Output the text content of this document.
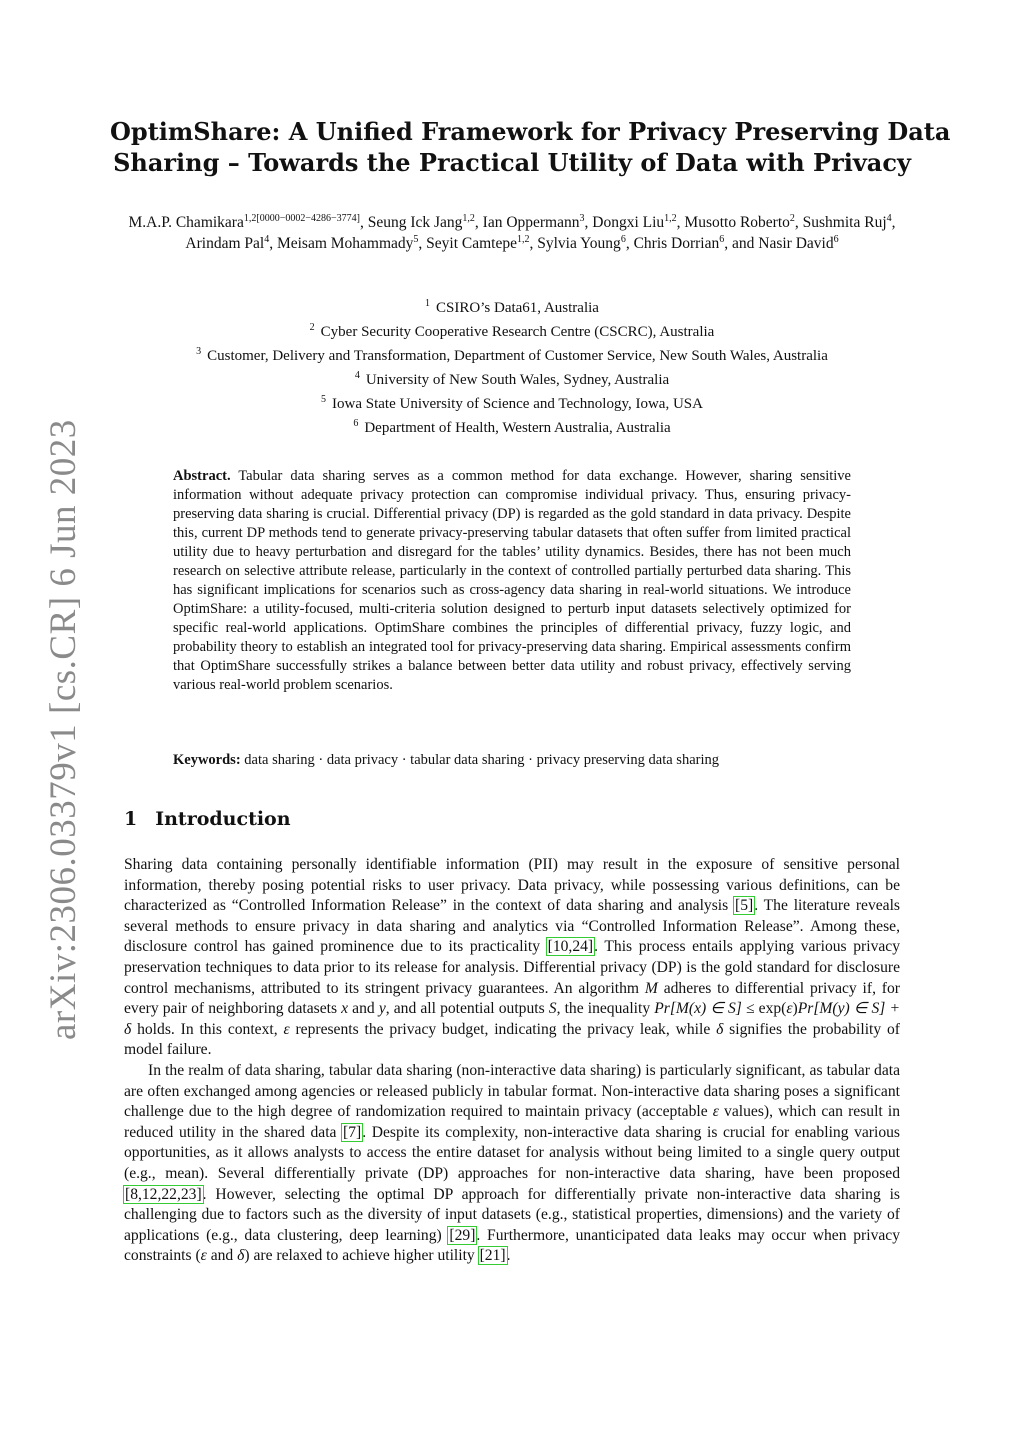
arXiv:2306.03379v1 [cs.CR] 6 Jun 2023
OptimShare: A Unified Framework for Privacy Preserving Data
Sharing – Towards the Practical Utility of Data with Privacy
M.A.P. Chamikara$^{1,2[0000-0002-4286-3774]}$, Seung Ick Jang$^{1,2}$, Ian Oppermann$^3$, Dongxi Liu$^{1,2}$, Musotto Roberto$^2$, Sushmita Ruj$^4$, Arindam Pal$^4$, Meisam Mohammady$^5$, Seyit Camtepe$^{1,2}$, Sylvia Young$^6$, Chris Dorrian$^6$, and Nasir David$^6$
$^1$ CSIRO’s Data61, Australia
$^2$ Cyber Security Cooperative Research Centre (CSCRC), Australia
$^3$ Customer, Delivery and Transformation, Department of Customer Service, New South Wales, Australia
$^4$ University of New South Wales, Sydney, Australia
$^5$ Iowa State University of Science and Technology, Iowa, USA
$^6$ Department of Health, Western Australia, Australia
Abstract. Tabular data sharing serves as a common method for data exchange. However, sharing sensitive information without adequate privacy protection can compromise individual privacy. Thus, ensuring privacy-preserving data sharing is crucial. Differential privacy (DP) is regarded as the gold standard in data privacy. Despite this, current DP methods tend to generate privacy-preserving tabular datasets that often suffer from limited practical utility due to heavy perturbation and disregard for the tables’ utility dynamics. Besides, there has not been much research on selective attribute release, particularly in the context of controlled partially perturbed data sharing. This has significant implications for scenarios such as cross-agency data sharing in real-world situations. We introduce OptimShare: a utility-focused, multi-criteria solution designed to perturb input datasets selectively optimized for specific real-world applications. OptimShare combines the principles of differential privacy, fuzzy logic, and probability theory to establish an integrated tool for privacy-preserving data sharing. Empirical assessments confirm that OptimShare successfully strikes a balance between better data utility and robust privacy, effectively serving various real-world problem scenarios.
Keywords: data sharing · data privacy · tabular data sharing · privacy preserving data sharing
1 Introduction

Sharing data containing personally identifiable information (PII) may result in the exposure of sensitive personal information, thereby posing potential risks to user privacy. Data privacy, while possessing various definitions, can be characterized as “Controlled Information Release” in the context of data sharing and analysis [5]. The literature reveals several methods to ensure privacy in data sharing and analytics via “Controlled Information Release”. Among these, disclosure control has gained prominence due to its practicality [10,24]. This process entails applying various privacy preservation techniques to data prior to its release for analysis. Differential privacy (DP) is the gold standard for disclosure control mechanisms, attributed to its stringent privacy guarantees. An algorithm M adheres to differential privacy if, for every pair of neighboring datasets x and y, and all potential outputs S, the inequality Pr[M(x) ∈ S] ≤ exp(ε)Pr[M(y) ∈ S] + δ holds. In this context, ε represents the privacy budget, indicating the privacy leak, while δ signifies the probability of model failure.

In the realm of data sharing, tabular data sharing (non-interactive data sharing) is particularly significant, as tabular data are often exchanged among agencies or released publicly in tabular format. Non-interactive data sharing poses a significant challenge due to the high degree of randomization required to maintain privacy (acceptable ε values), which can result in reduced utility in the shared data [7]. Despite its complexity, non-interactive data sharing is crucial for enabling various opportunities, as it allows analysts to access the entire dataset for analysis without being limited to a single query output (e.g., mean). Several differentially private (DP) approaches for non-interactive data sharing, have been proposed [8,12,22,23]. However, selecting the optimal DP approach for differentially private non-interactive data sharing is challenging due to factors such as the diversity of input datasets (e.g., statistical properties, dimensions) and the variety of applications (e.g., data clustering, deep learning) [29]. Furthermore, unanticipated data leaks may occur when privacy constraints (ε and δ) are relaxed to achieve higher utility [21].
